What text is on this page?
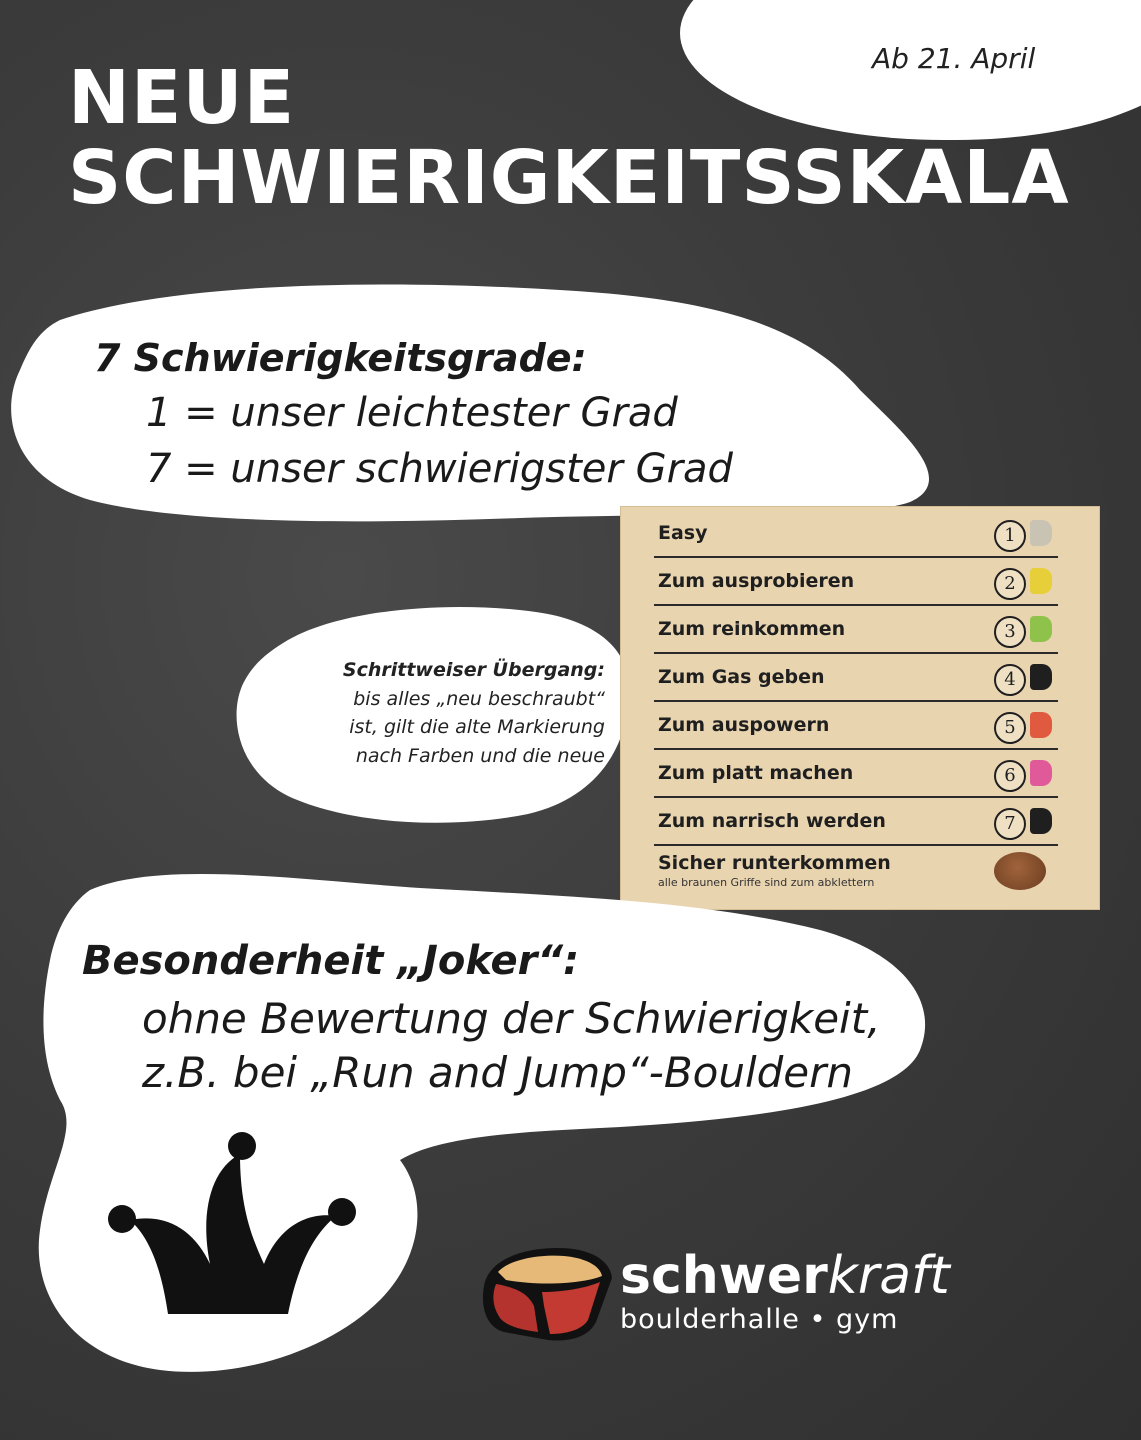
Ab 21. April
NEUE
SCHWIERIGKEITSSKALA
7 Schwierigkeitsgrade:
1 = unser leichtester Grad
7 = unser schwierigster Grad
Schrittweiser Übergang:
bis alles „neu beschraubt“
ist, gilt die alte Markierung
nach Farben und die neue
Easy	1
Zum ausprobieren	2
Zum reinkommen	3
Zum Gas geben	4
Zum auspowern	5
Zum platt machen	6
Zum narrisch werden	7
Sicher runterkommen
alle braunen Griffe sind zum abklettern
Besonderheit „Joker“:
ohne Bewertung der Schwierigkeit,
z.B. bei „Run and Jump“-Bouldern
schwerkraft
boulderhalle • gym
